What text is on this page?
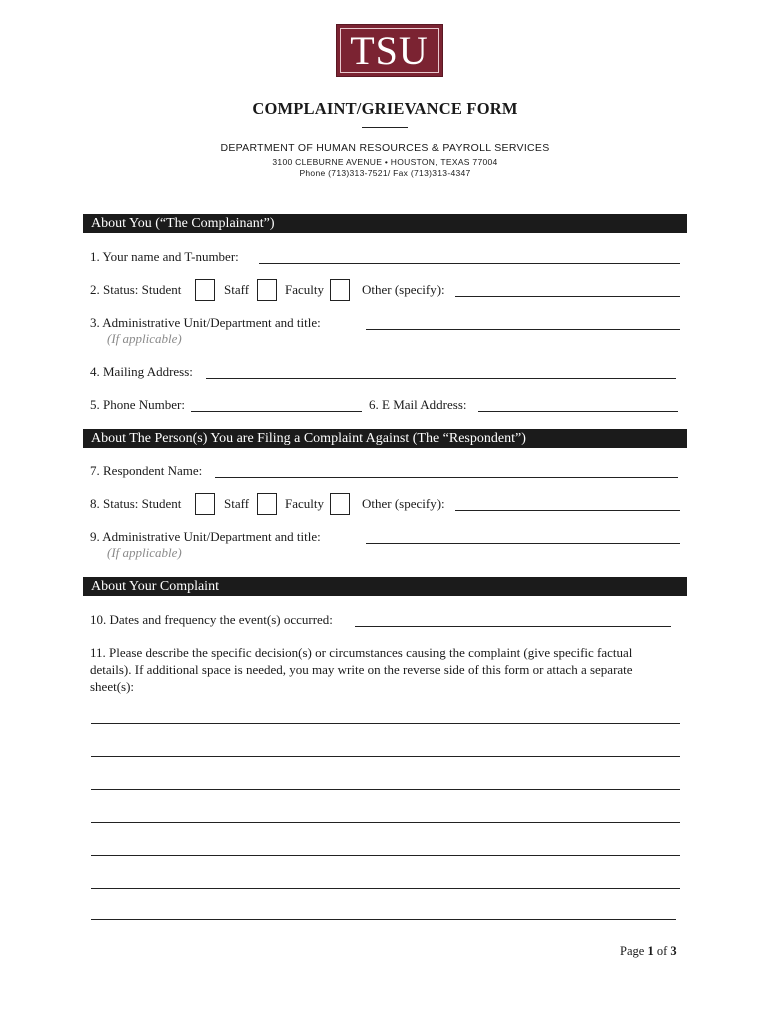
TSU
COMPLAINT/GRIEVANCE FORM
DEPARTMENT OF HUMAN RESOURCES & PAYROLL SERVICES
3100 CLEBURNE AVENUE • HOUSTON, TEXAS 77004
Phone (713)313-7521/ Fax (713)313-4347
About You (“The Complainant”)
1. Your name and T-number:
2. Status: Student	Staff	Faculty	Other (specify):
3. Administrative Unit/Department and title:
(If applicable)
4. Mailing Address:
5. Phone Number:	6. E Mail Address:
About The Person(s) You are Filing a Complaint Against (The “Respondent”)
7. Respondent Name:
8. Status: Student	Staff	Faculty	Other (specify):
9. Administrative Unit/Department and title:
(If applicable)
About Your Complaint
10. Dates and frequency the event(s) occurred:
11. Please describe the specific decision(s) or circumstances causing the complaint (give specific factual
details). If additional space is needed, you may write on the reverse side of this form or attach a separate
sheet(s):
Page 1 of 3
